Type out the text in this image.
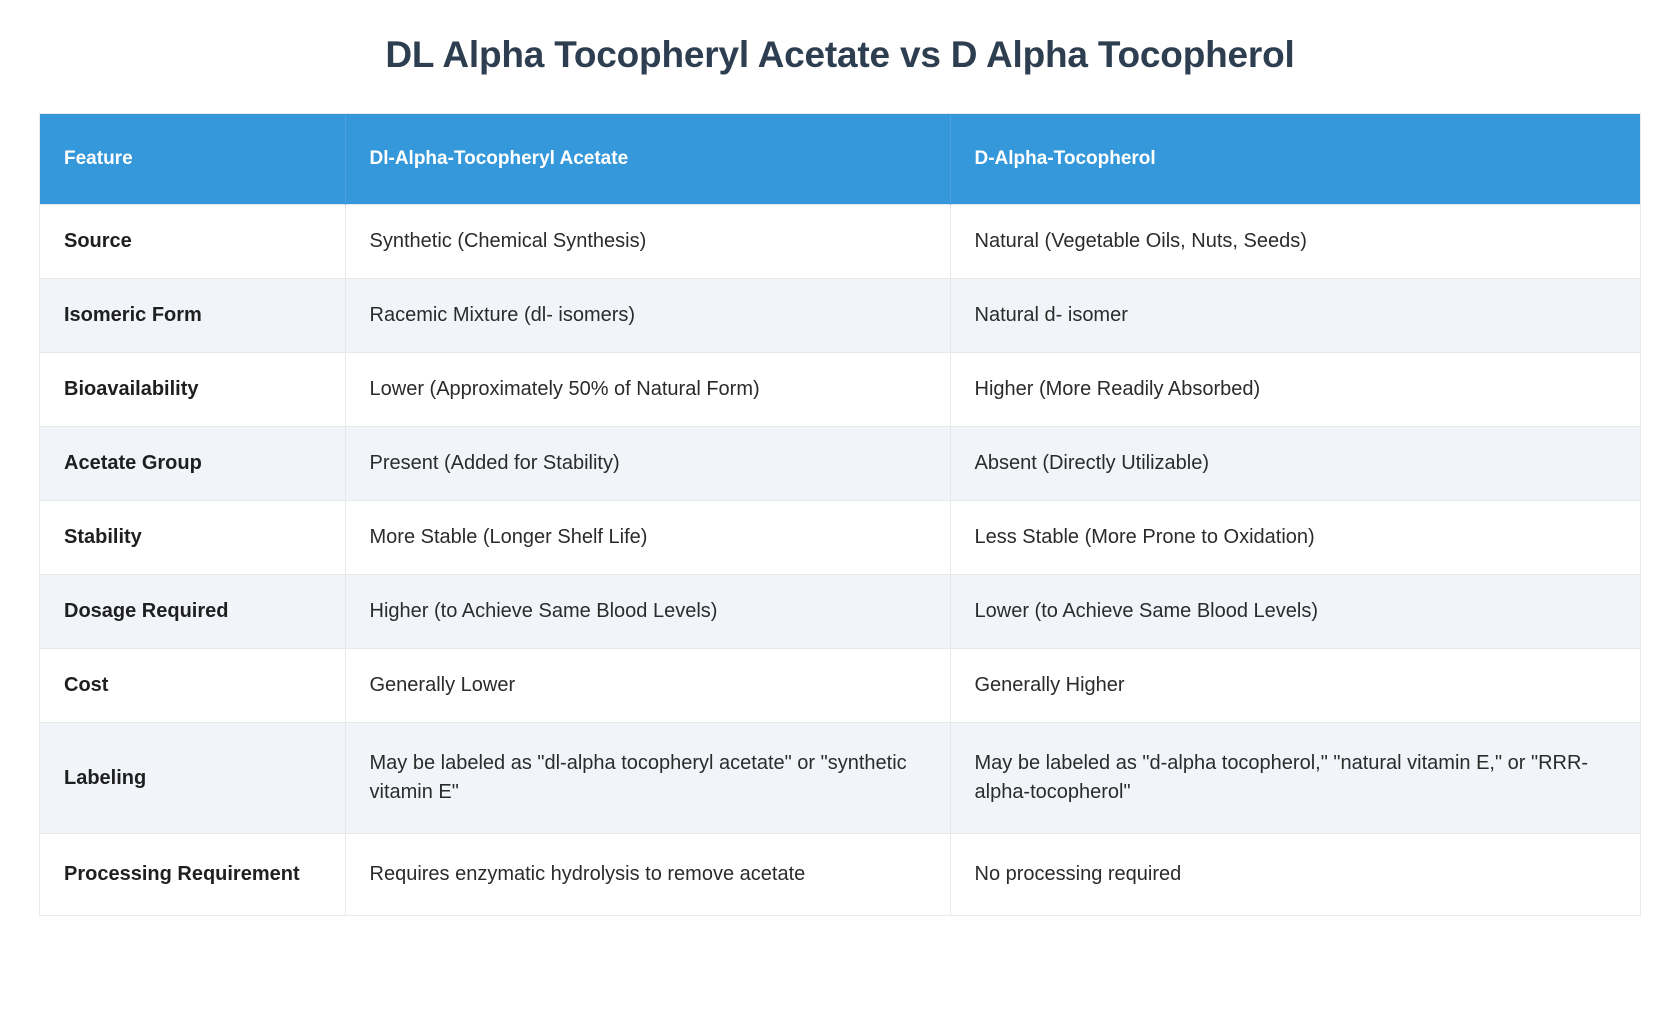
DL Alpha Tocopheryl Acetate vs D Alpha Tocopherol
Feature	Dl-Alpha-Tocopheryl Acetate	D-Alpha-Tocopherol
Source	Synthetic (Chemical Synthesis)	Natural (Vegetable Oils, Nuts, Seeds)
Isomeric Form	Racemic Mixture (dl- isomers)	Natural d- isomer
Bioavailability	Lower (Approximately 50% of Natural Form)	Higher (More Readily Absorbed)
Acetate Group	Present (Added for Stability)	Absent (Directly Utilizable)
Stability	More Stable (Longer Shelf Life)	Less Stable (More Prone to Oxidation)
Dosage Required	Higher (to Achieve Same Blood Levels)	Lower (to Achieve Same Blood Levels)
Cost	Generally Lower	Generally Higher
Labeling	May be labeled as "dl-alpha tocopheryl acetate" or "synthetic vitamin E"	May be labeled as "d-alpha tocopherol," "natural vitamin E," or "RRR-alpha-tocopherol"
Processing Requirement	Requires enzymatic hydrolysis to remove acetate	No processing required
